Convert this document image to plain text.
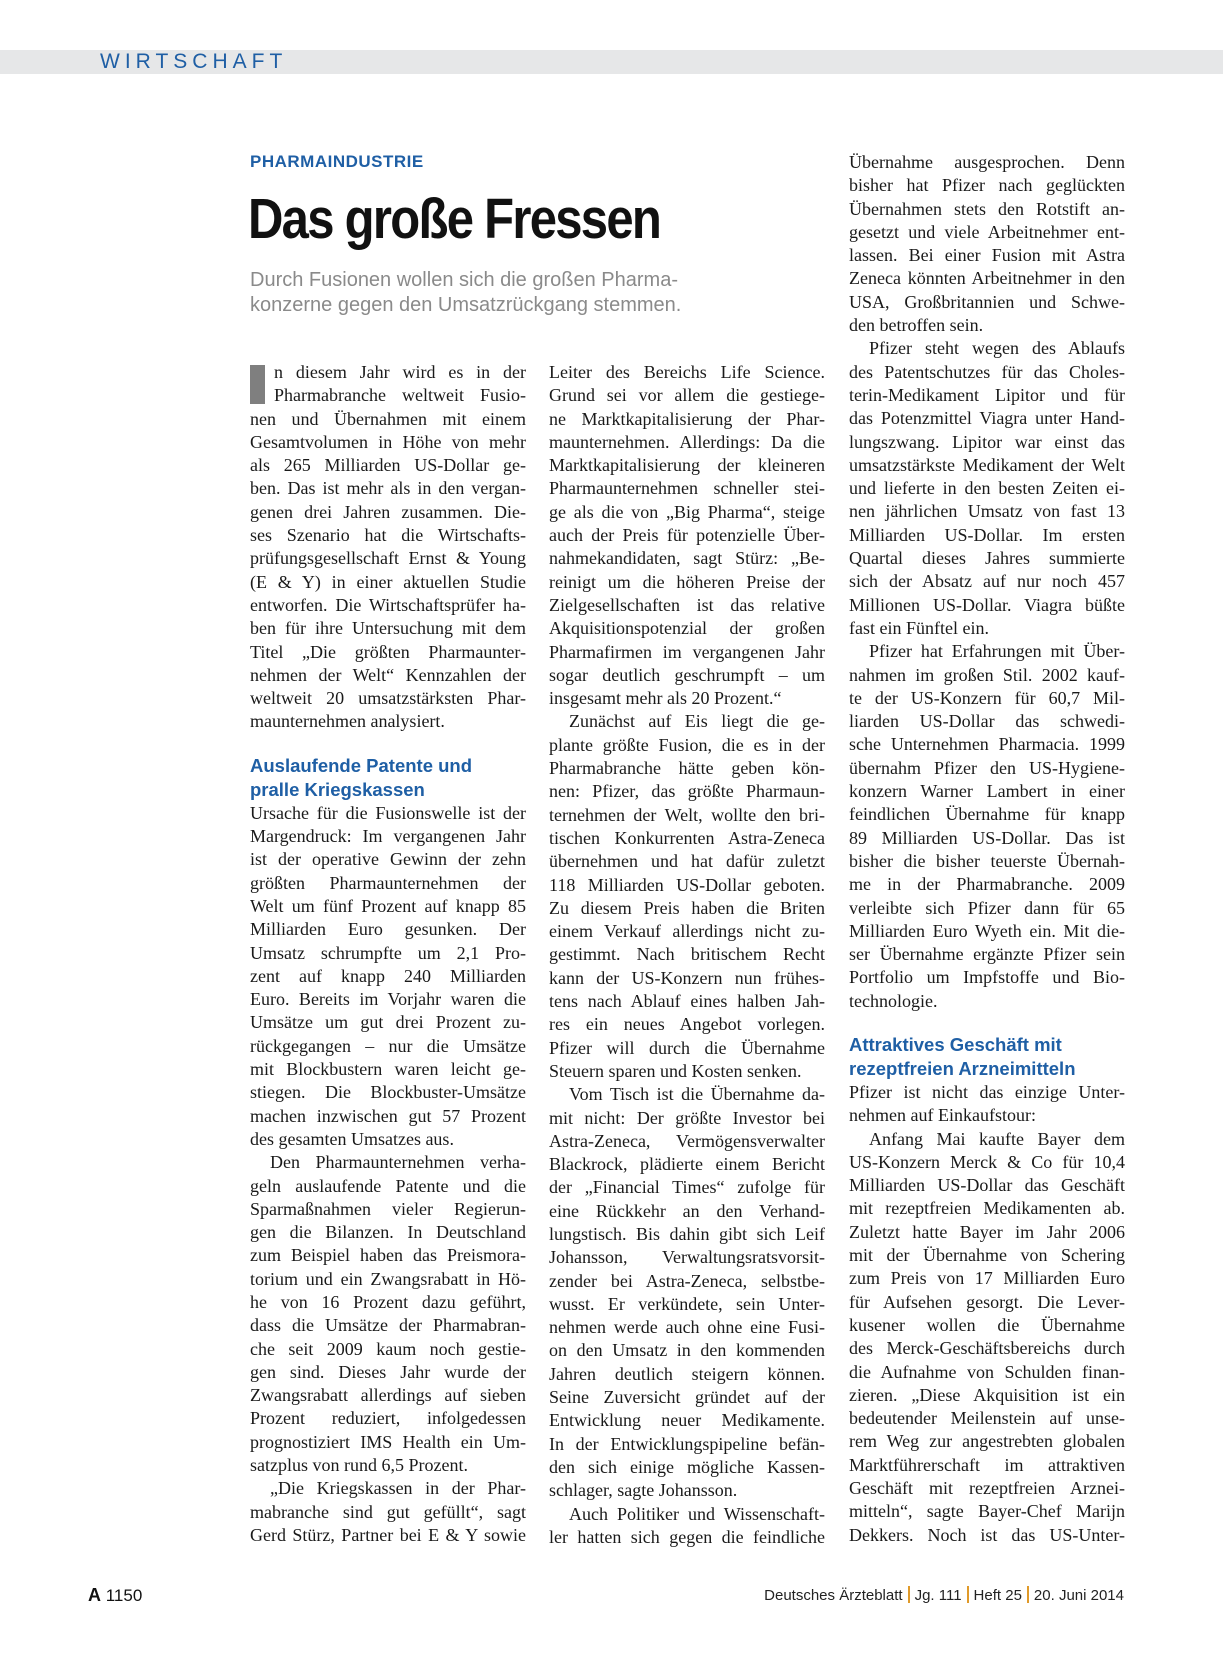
WIRTSCHAFT
PHARMAINDUSTRIE
Das große Fressen
Durch Fusionen wollen sich die großen Pharma-
konzerne gegen den Umsatzrückgang stemmen.
n diesem Jahr wird es in der
Pharmabranche weltweit Fusio-
nen und Übernahmen mit einem
Gesamtvolumen in Höhe von mehr
als 265 Milliarden US-Dollar ge-
ben. Das ist mehr als in den vergan-
genen drei Jahren zusammen. Die-
ses Szenario hat die Wirtschafts-
prüfungsgesellschaft Ernst & Young
(E & Y) in einer aktuellen Studie
entworfen. Die Wirtschaftsprüfer ha-
ben für ihre Untersuchung mit dem
Titel „Die größten Pharmaunter-
nehmen der Welt“ Kennzahlen der
weltweit 20 umsatzstärksten Phar-
maunternehmen analysiert.
Auslaufende Patente und
pralle Kriegskassen
Ursache für die Fusionswelle ist der
Margendruck: Im vergangenen Jahr
ist der operative Gewinn der zehn
größten Pharmaunternehmen der
Welt um fünf Prozent auf knapp 85
Milliarden Euro gesunken. Der
Umsatz schrumpfte um 2,1 Pro-
zent auf knapp 240 Milliarden
Euro. Bereits im Vorjahr waren die
Umsätze um gut drei Prozent zu-
rückgegangen – nur die Umsätze
mit Blockbustern waren leicht ge-
stiegen. Die Blockbuster-Umsätze
machen inzwischen gut 57 Prozent
des gesamten Umsatzes aus.
Den Pharmaunternehmen verha-
geln auslaufende Patente und die
Sparmaßnahmen vieler Regierun-
gen die Bilanzen. In Deutschland
zum Beispiel haben das Preismora-
torium und ein Zwangsrabatt in Hö-
he von 16 Prozent dazu geführt,
dass die Umsätze der Pharmabran-
che seit 2009 kaum noch gestie-
gen sind. Dieses Jahr wurde der
Zwangsrabatt allerdings auf sieben
Prozent reduziert, infolgedessen
prognostiziert IMS Health ein Um-
satzplus von rund 6,5 Prozent.
„Die Kriegskassen in der Phar-
mabranche sind gut gefüllt“, sagt
Gerd Stürz, Partner bei E & Y sowie
Leiter des Bereichs Life Science.
Grund sei vor allem die gestiege-
ne Marktkapitalisierung der Phar-
maunternehmen. Allerdings: Da die
Marktkapitalisierung der kleineren
Pharmaunternehmen schneller stei-
ge als die von „Big Pharma“, steige
auch der Preis für potenzielle Über-
nahmekandidaten, sagt Stürz: „Be-
reinigt um die höheren Preise der
Zielgesellschaften ist das relative
Akquisitionspotenzial der großen
Pharmafirmen im vergangenen Jahr
sogar deutlich geschrumpft – um
insgesamt mehr als 20 Prozent.“
Zunächst auf Eis liegt die ge-
plante größte Fusion, die es in der
Pharmabranche hätte geben kön-
nen: Pfizer, das größte Pharmaun-
ternehmen der Welt, wollte den bri-
tischen Konkurrenten Astra-Zeneca
übernehmen und hat dafür zuletzt
118 Milliarden US-Dollar geboten.
Zu diesem Preis haben die Briten
einem Verkauf allerdings nicht zu-
gestimmt. Nach britischem Recht
kann der US-Konzern nun frühes-
tens nach Ablauf eines halben Jah-
res ein neues Angebot vorlegen.
Pfizer will durch die Übernahme
Steuern sparen und Kosten senken.
Vom Tisch ist die Übernahme da-
mit nicht: Der größte Investor bei
Astra-Zeneca, Vermögensverwalter
Blackrock, plädierte einem Bericht
der „Financial Times“ zufolge für
eine Rückkehr an den Verhand-
lungstisch. Bis dahin gibt sich Leif
Johansson, Verwaltungsratsvorsit-
zender bei Astra-Zeneca, selbstbe-
wusst. Er verkündete, sein Unter-
nehmen werde auch ohne eine Fusi-
on den Umsatz in den kommenden
Jahren deutlich steigern können.
Seine Zuversicht gründet auf der
Entwicklung neuer Medikamente.
In der Entwicklungspipeline befän-
den sich einige mögliche Kassen-
schlager, sagte Johansson.
Auch Politiker und Wissenschaft-
ler hatten sich gegen die feindliche
Übernahme ausgesprochen. Denn
bisher hat Pfizer nach geglückten
Übernahmen stets den Rotstift an-
gesetzt und viele Arbeitnehmer ent-
lassen. Bei einer Fusion mit Astra
Zeneca könnten Arbeitnehmer in den
USA, Großbritannien und Schwe-
den betroffen sein.
Pfizer steht wegen des Ablaufs
des Patentschutzes für das Choles-
terin-Medikament Lipitor und für
das Potenzmittel Viagra unter Hand-
lungszwang. Lipitor war einst das
umsatzstärkste Medikament der Welt
und lieferte in den besten Zeiten ei-
nen jährlichen Umsatz von fast 13
Milliarden US-Dollar. Im ersten
Quartal dieses Jahres summierte
sich der Absatz auf nur noch 457
Millionen US-Dollar. Viagra büßte
fast ein Fünftel ein.
Pfizer hat Erfahrungen mit Über-
nahmen im großen Stil. 2002 kauf-
te der US-Konzern für 60,7 Mil-
liarden US-Dollar das schwedi-
sche Unternehmen Pharmacia. 1999
übernahm Pfizer den US-Hygiene-
konzern Warner Lambert in einer
feindlichen Übernahme für knapp
89 Milliarden US-Dollar. Das ist
bisher die bisher teuerste Übernah-
me in der Pharmabranche. 2009
verleibte sich Pfizer dann für 65
Milliarden Euro Wyeth ein. Mit die-
ser Übernahme ergänzte Pfizer sein
Portfolio um Impfstoffe und Bio-
technologie.
Attraktives Geschäft mit
rezeptfreien Arzneimitteln
Pfizer ist nicht das einzige Unter-
nehmen auf Einkaufstour:
Anfang Mai kaufte Bayer dem
US-Konzern Merck & Co für 10,4
Milliarden US-Dollar das Geschäft
mit rezeptfreien Medikamenten ab.
Zuletzt hatte Bayer im Jahr 2006
mit der Übernahme von Schering
zum Preis von 17 Milliarden Euro
für Aufsehen gesorgt. Die Lever-
kusener wollen die Übernahme
des Merck-Geschäftsbereichs durch
die Aufnahme von Schulden finan-
zieren. „Diese Akquisition ist ein
bedeutender Meilenstein auf unse-
rem Weg zur angestrebten globalen
Marktführerschaft im attraktiven
Geschäft mit rezeptfreien Arznei-
mitteln“, sagte Bayer-Chef Marijn
Dekkers. Noch ist das US-Unter-
A 1150	Deutsches Ärzteblatt Jg. 111 Heft 25 20. Juni 2014
